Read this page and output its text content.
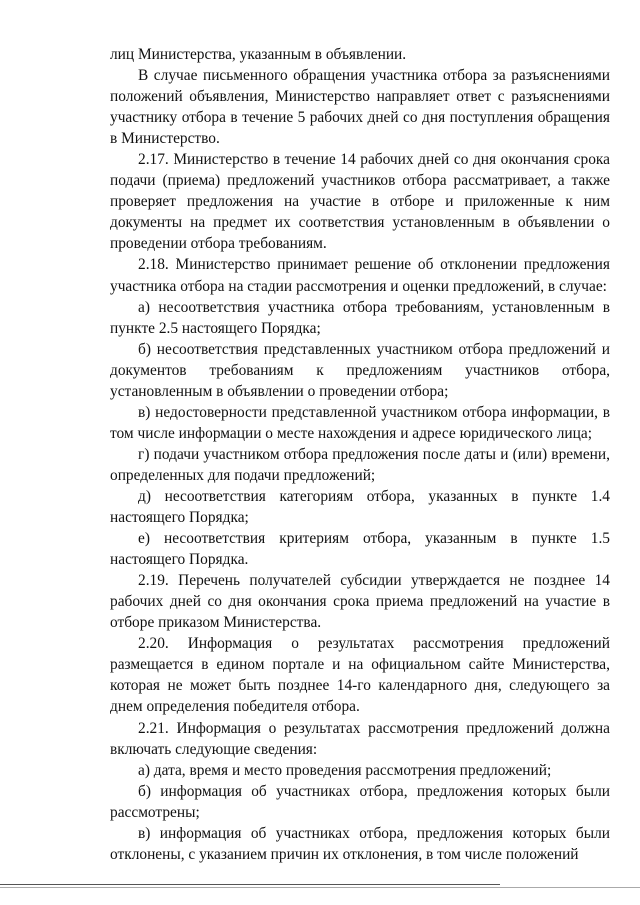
лиц Министерства, указанным в объявлении.

В случае письменного обращения участника отбора за разъяснениями положений объявления, Министерство направляет ответ с разъяснениями участнику отбора в течение 5 рабочих дней со дня поступления обращения в Министерство.

2.17. Министерство в течение 14 рабочих дней со дня окончания срока подачи (приема) предложений участников отбора рассматривает, а также проверяет предложения на участие в отборе и приложенные к ним документы на предмет их соответствия установленным в объявлении о проведении отбора требованиям.

2.18. Министерство принимает решение об отклонении предложения участника отбора на стадии рассмотрения и оценки предложений, в случае:

а) несоответствия участника отбора требованиям, установленным в пункте 2.5 настоящего Порядка;

б) несоответствия представленных участником отбора предложений и документов требованиям к предложениям участников отбора, установленным в объявлении о проведении отбора;

в) недостоверности представленной участником отбора информации, в том числе информации о месте нахождения и адресе юридического лица;

г) подачи участником отбора предложения после даты и (или) времени, определенных для подачи предложений;

д) несоответствия категориям отбора, указанных в пункте 1.4 настоящего Порядка;

е) несоответствия критериям отбора, указанным в пункте 1.5 настоящего Порядка.

2.19. Перечень получателей субсидии утверждается не позднее 14 рабочих дней со дня окончания срока приема предложений на участие в отборе приказом Министерства.

2.20. Информация о результатах рассмотрения предложений размещается в едином портале и на официальном сайте Министерства, которая не может быть позднее 14-го календарного дня, следующего за днем определения победителя отбора.

2.21. Информация о результатах рассмотрения предложений должна включать следующие сведения:

а) дата, время и место проведения рассмотрения предложений;

б) информация об участниках отбора, предложения которых были рассмотрены;

в) информация об участниках отбора, предложения которых были отклонены, с указанием причин их отклонения, в том числе положений
